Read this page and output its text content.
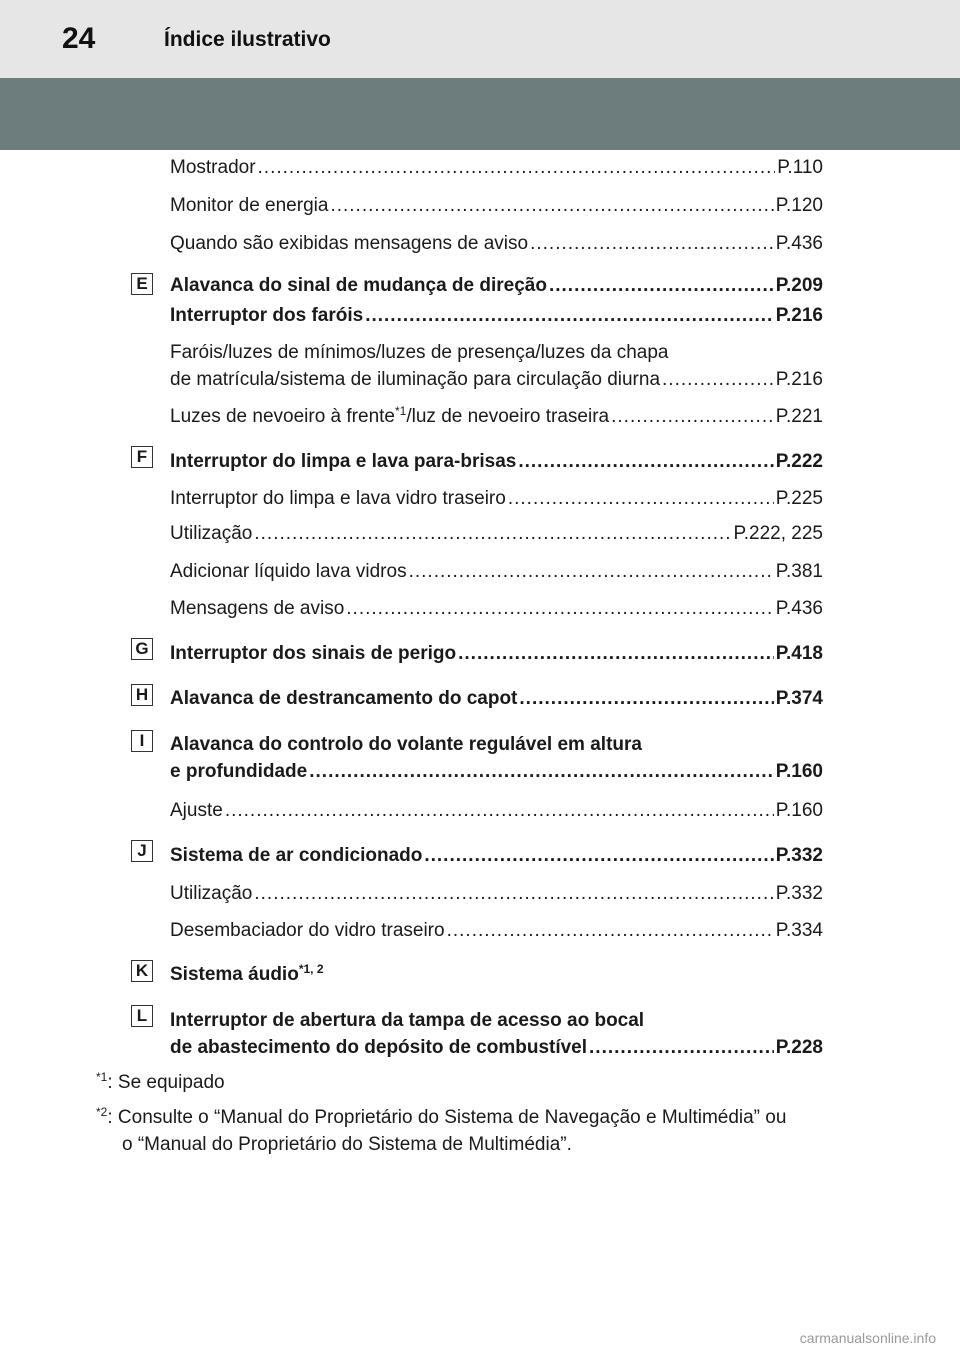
24	Índice ilustrativo
Mostrador .....	P.110
Monitor de energia .....	P.120
Quando são exibidas mensagens de aviso .....	P.436
E Alavanca do sinal de mudança de direção .....	P.209
Interruptor dos faróis .....	P.216
Faróis/luzes de mínimos/luzes de presença/luzes da chapa
de matrícula/sistema de iluminação para circulação diurna .....	P.216
Luzes de nevoeiro à frente$^{*1}$/luz de nevoeiro traseira .....	P.221
F	Interruptor do limpa e lava para-brisas .....	P.222
Interruptor do limpa e lava vidro traseiro .....	P.225
Utilização .....	P.222, 225
Adicionar líquido lava vidros .....	P.381
Mensagens de aviso .....	P.436
G Interruptor dos sinais de perigo .....	P.418
H Alavanca de destrancamento do capot .....	P.374
I	Alavanca do controlo do volante regulável em altura
e profundidade .....	P.160
Ajuste .....	P.160
J	Sistema de ar condicionado .....	P.332
Utilização .....	P.332
Desembaciador do vidro traseiro .....	P.334
K Sistema áudio$^{*1, 2}$
L	Interruptor de abertura da tampa de acesso ao bocal
de abastecimento do depósito de combustível .....	P.228
$^{*1}$: Se equipado
$^{*2}$: Consulte o “Manual do Proprietário do Sistema de Navegação e Multimédia” ou
o “Manual do Proprietário do Sistema de Multimédia”.
carmanualsonline.info
